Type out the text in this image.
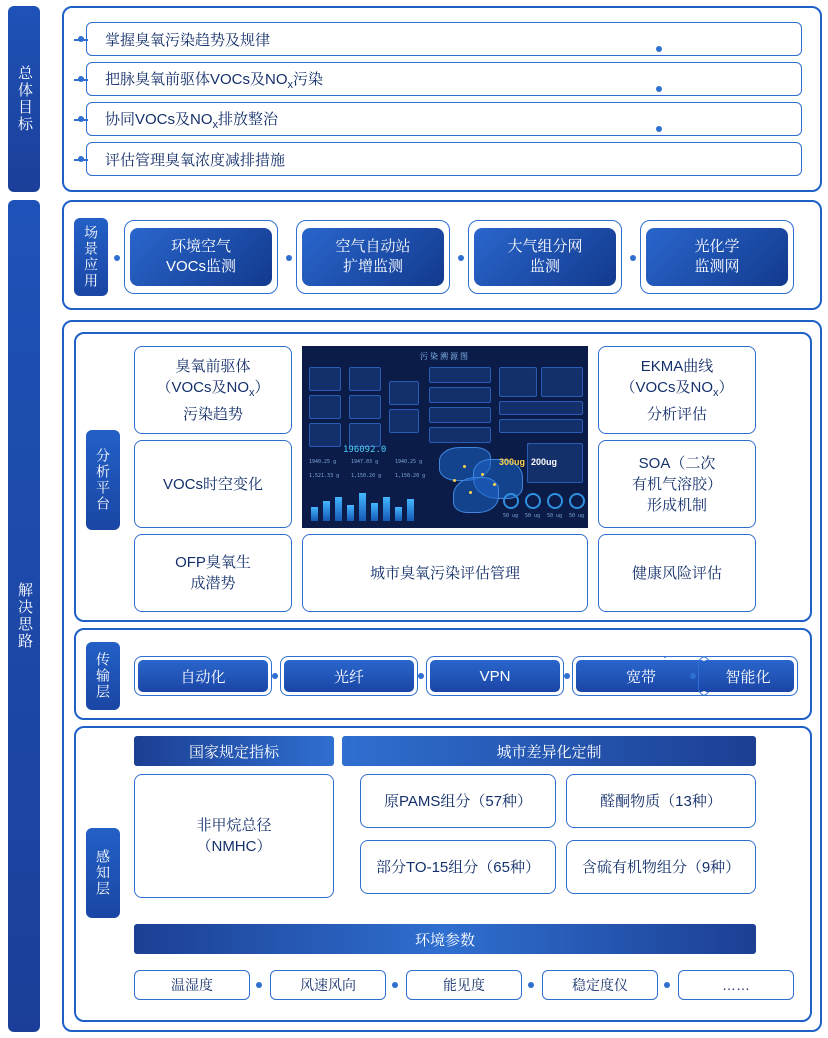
总体目标
解决思路
掌握臭氧污染趋势及规律
把脉臭氧前驱体VOCs及$NO_x$污染
协同VOCs及$NO_x$排放整治
评估管理臭氧浓度减排措施
场景应用	环境空气
VOCs监测
空气自动站
扩增监测
大气组分网
监测
光化学
监测网
分析平台
臭氧前驱体
（VOCs及$NO_x$）
污染趋势
VOCs时空变化
OFP臭氧生
成潜势
EKMA曲线
（VOCs及$NO_x$）
分析评估
SOA（二次
有机气溶胶）
形成机制
健康风险评估
污染溯源图
196092.0
1940.25 g	1947.03 g	1940.25 g
1,521.33 g 1,150.20 g	1,150.20 g
200ug
300ug
50 ug 50 ug 50 ug 50 ug
城市臭氧污染评估管理
传输层	自动化	光纤	VPN	宽带	智能化
感知层
国家规定指标	城市差异化定制
非甲烷总径
（NMHC）
原PAMS组分（57种）	醛酮物质（13种）
部分TO-15组分（65种）	含硫有机物组分（9种）
环境参数
温湿度	风速风向	能见度	稳定度仪	……
